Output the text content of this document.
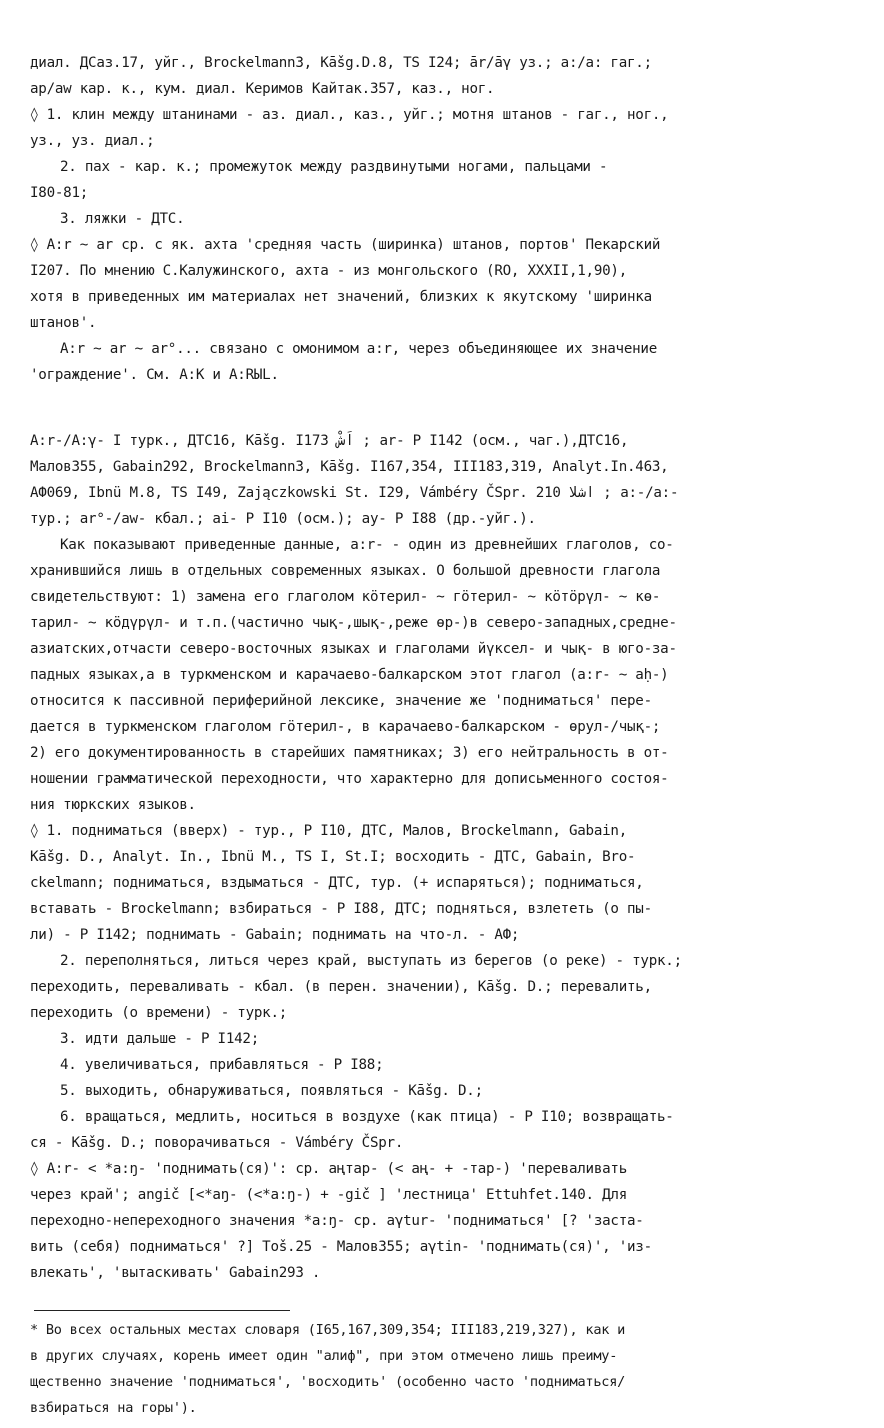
диал. ДСаз.17, уйг., Brockelmann3, Kāšg.D.8, TS I24; ār/āγ уз.; a:/a: гаг.;
ар/aw кар. к., кум. диал. Керимов Кайтак.357, каз., ног.
◊ 1. клин между штанинами - аз. диал., каз., уйг.; мотня штанов - гаг., ног.,
уз., уз. диал.;
2. пах - кар. к.; промежуток между раздвинутыми ногами, пальцами -
I80-81;
3. ляжки - ДТС.
◊ A:r ~ ar ср. с як. ахта 'средняя часть (ширинка) штанов, портов' Пекарский
I207. По мнению С.Калужинского, ахта - из монгольского (RO, XXXII,1,90),
хотя в приведенных им материалах нет значений, близких к якутскому 'ширинка
штанов'.
A:r ~ ar ~ ar°... связано с омонимом a:r, через объединяющее их значение
'ограждение'. См. A:K и A:RЫL.
A:r-/A:γ- I турк., ДТС16, Kāšg. I173 اَشْ ; ar- P I142 (осм., чаг.),ДТС16,
Малов355, Gabain292, Brockelmann3, Kāšg. I167,354, III183,319, Analyt.In.463,
АФ069, Ibnü M.8, TS I49, Zajączkowski St. I29, Vámbéry ČSpr. 210 اشلا ; a:-/a:-
тур.; ar°-/aw- кбал.; ai- P I10 (осм.); ay- P I88 (др.-уйг.).
Как показывают приведенные данные, a:r- - один из древнейших глаголов, со-
хранившийся лишь в отдельных современных языках. О большой древности глагола
свидетельствуют: 1) замена его глаголом кӧтерил- ~ гӧтерил- ~ кӧтӧрүл- ~ кө-
тарил- ~ кӧдүрүл- и т.п.(частично чық-,шық-,реже өр-)в северо-западных,средне-
азиатских,отчасти северо-восточных языках и глаголами йүксел- и чық- в юго-за-
падных языках,а в туркменском и карачаево-балкарском этот глагол (a:r- ~ aḥ-)
относится к пассивной периферийной лексике, значение же 'подниматься' пере-
дается в туркменском глаголом гӧтерил-, в карачаево-балкарском - өрул-/чық-;
2) его документированность в старейших памятниках; 3) его нейтральность в от-
ношении грамматической переходности, что характерно для дописьменного состоя-
ния тюркских языков.
◊ 1. подниматься (вверх) - тур., P I10, ДТС, Малов, Brockelmann, Gabain,
Kāšg. D., Analyt. In., Ibnü M., TS I, St.I; восходить - ДТС, Gabain, Bro-
ckelmann; подниматься, вздыматься - ДТС, тур. (+ испаряться); подниматься,
вставать - Brockelmann; взбираться - P I88, ДТС; подняться, взлететь (о пы-
ли) - P I142; поднимать - Gabain; поднимать на что-л. - АФ;
2. переполняться, литься через край, выступать из берегов (о реке) - турк.;
переходить, переваливать - кбал. (в перен. значении), Kāšg. D.; перевалить,
переходить (о времени) - турк.;
3. идти дальше - P I142;
4. увеличиваться, прибавляться - P I88;
5. выходить, обнаруживаться, появляться - Kāšg. D.;
6. вращаться, медлить, носиться в воздухе (как птица) - P I10; возвращать-
ся - Kāšg. D.; поворачиваться - Vámbéry ČSpr.
◊ A:r- < *a:ŋ- 'поднимать(ся)': ср. аңтар- (< аң- + -тар-) 'переваливать
через край'; angič [<*aŋ- (<*a:ŋ-) + -gič ] 'лестница' Ettuhfet.140. Для
переходно-непереходного значения *a:ŋ- ср. aγtur- 'подниматься' [? 'заста-
вить (себя) подниматься' ?] Toš.25 - Малов355; aγtin- 'поднимать(ся)', 'из-
влекать', 'вытаскивать' Gabain293 .
* Во всех остальных местах словаря (I65,167,309,354; III183,219,327), как и
в других случаях, корень имеет один "алиф", при этом отмечено лишь преиму-
щественно значение 'подниматься', 'восходить' (особенно часто 'подниматься/
взбираться на горы').
